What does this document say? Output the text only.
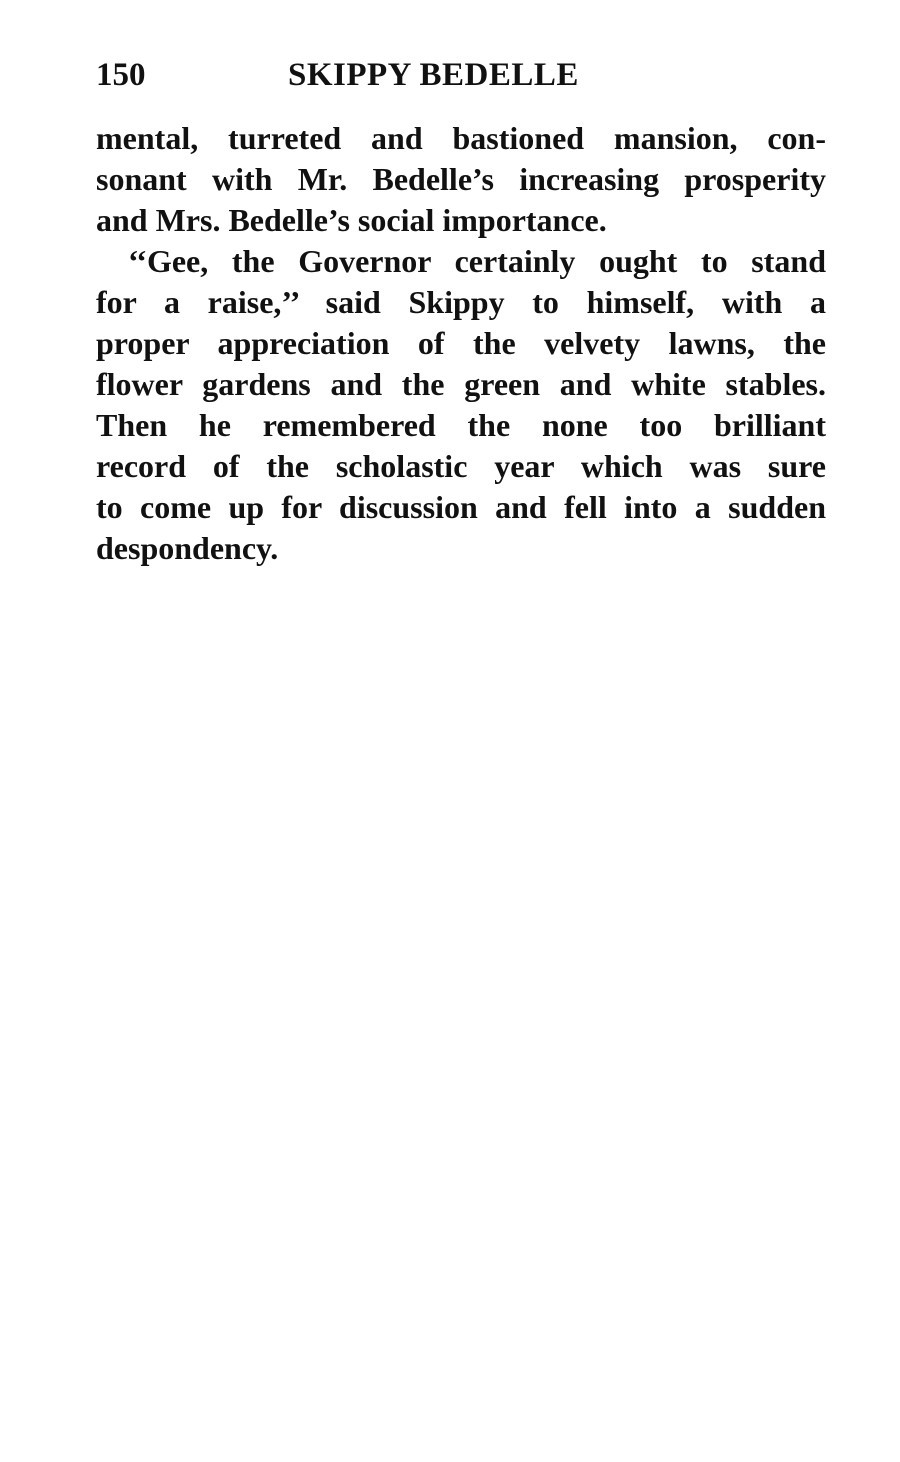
150	SKIPPY BEDELLE
mental, turreted and bastioned mansion, con-
sonant with Mr. Bedelle’s increasing prosperity
and Mrs. Bedelle’s social importance.
‘‘Gee, the Governor certainly ought to stand
for a raise,’’ said Skippy to himself, with a
proper appreciation of the velvety lawns, the
flower gardens and the green and white stables.
Then he remembered the none too brilliant
record of the scholastic year which was sure
to come up for discussion and fell into a sudden
despondency.
